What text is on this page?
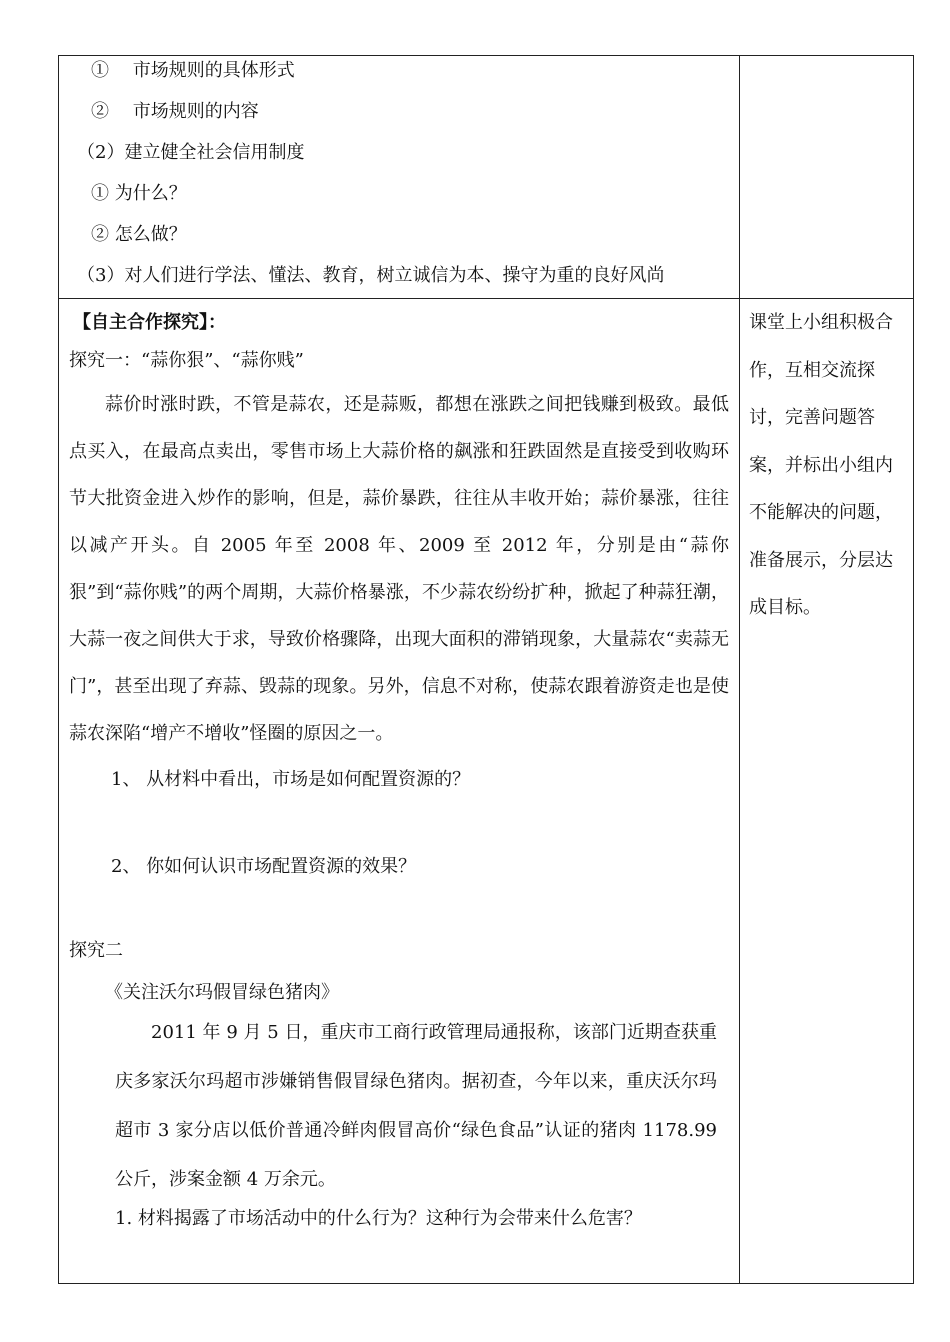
①　 市场规则的具体形式
②　 市场规则的内容
（2）建立健全社会信用制度
① 为什么？
② 怎么做？
（3）对人们进行学法、懂法、教育，树立诚信为本、操守为重的良好风尚
【自主合作探究】：
探究一：“蒜你狠”、“蒜你贱”
蒜价时涨时跌，不管是蒜农，还是蒜贩，都想在涨跌之间把钱赚到极致。最低点买入，在最高点卖出，零售市场上大蒜价格的飙涨和狂跌固然是直接受到收购环节大批资金进入炒作的影响，但是，蒜价暴跌，往往从丰收开始；蒜价暴涨，往往以减产开头。自 2005 年至 2008 年、2009 至 2012 年，分别是由“蒜你狠”到“蒜你贱”的两个周期，大蒜价格暴涨，不少蒜农纷纷扩种，掀起了种蒜狂潮，大蒜一夜之间供大于求，导致价格骤降，出现大面积的滞销现象，大量蒜农“卖蒜无门”，甚至出现了弃蒜、毁蒜的现象。另外，信息不对称，使蒜农跟着游资走也是使蒜农深陷“增产不增收”怪圈的原因之一。
1、 从材料中看出，市场是如何配置资源的？
2、 你如何认识市场配置资源的效果？
探究二
《关注沃尔玛假冒绿色猪肉》
2011 年 9 月 5 日，重庆市工商行政管理局通报称，该部门近期查获重庆多家沃尔玛超市涉嫌销售假冒绿色猪肉。据初查，今年以来，重庆沃尔玛超市 3 家分店以低价普通冷鲜肉假冒高价“绿色食品”认证的猪肉 1178.99 公斤，涉案金额 4 万余元。
1. 材料揭露了市场活动中的什么行为？这种行为会带来什么危害？
课堂上小组积极合作，互相交流探讨，完善问题答案，并标出小组内不能解决的问题，准备展示，分层达成目标。
